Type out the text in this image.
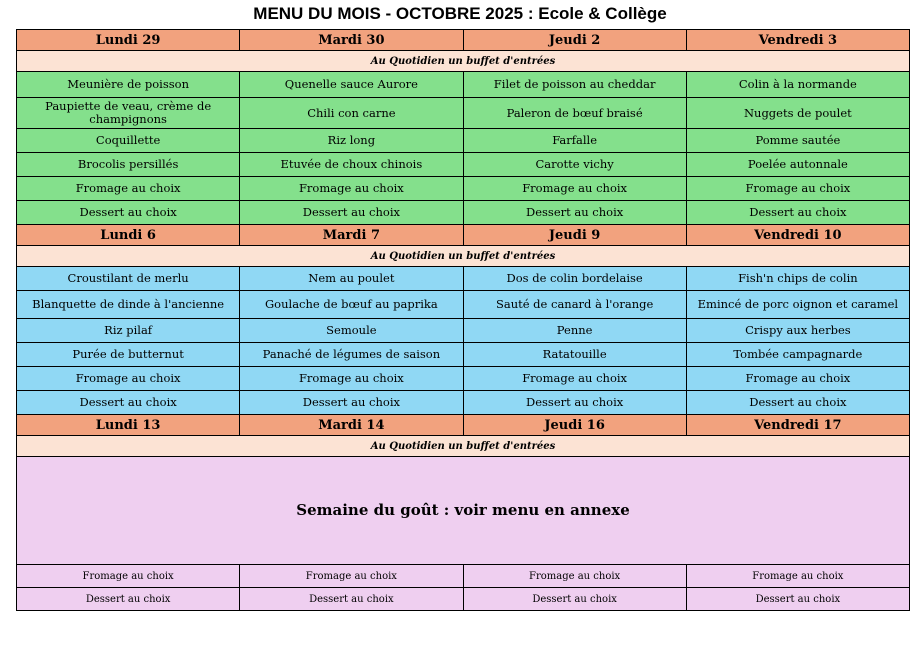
MENU DU MOIS - OCTOBRE 2025 : Ecole & Collège
Lundi 29	Mardi 30	Jeudi 2	Vendredi 3
Au Quotidien un buffet d'entrées			
Meunière de poisson	Quenelle sauce Aurore	Filet de poisson au cheddar	Colin à la normande
Paupiette de veau, crème de champignons	Chili con carne	Paleron de bœuf braisé	Nuggets de poulet
Coquillette	Riz long	Farfalle	Pomme sautée
Brocolis persillés	Etuvée de choux chinois	Carotte vichy	Poelée autonnale
Fromage au choix	Fromage au choix	Fromage au choix	Fromage au choix
Dessert au choix	Dessert au choix	Dessert au choix	Dessert au choix
Lundi 6	Mardi 7	Jeudi 9	Vendredi 10
Au Quotidien un buffet d'entrées			
Croustilant de merlu	Nem au poulet	Dos de colin bordelaise	Fish'n chips de colin
Blanquette de dinde à l'ancienne	Goulache de bœuf au paprika	Sauté de canard à l'orange	Emincé de porc oignon et caramel
Riz pilaf	Semoule	Penne	Crispy aux herbes
Purée de butternut	Panaché de légumes de saison	Ratatouille	Tombée campagnarde
Fromage au choix	Fromage au choix	Fromage au choix	Fromage au choix
Dessert au choix	Dessert au choix	Dessert au choix	Dessert au choix
Lundi 13	Mardi 14	Jeudi 16	Vendredi 17
Au Quotidien un buffet d'entrées			
Semaine du goût : voir menu en annexe			
Fromage au choix	Fromage au choix	Fromage au choix	Fromage au choix
Dessert au choix	Dessert au choix	Dessert au choix	Dessert au choix
